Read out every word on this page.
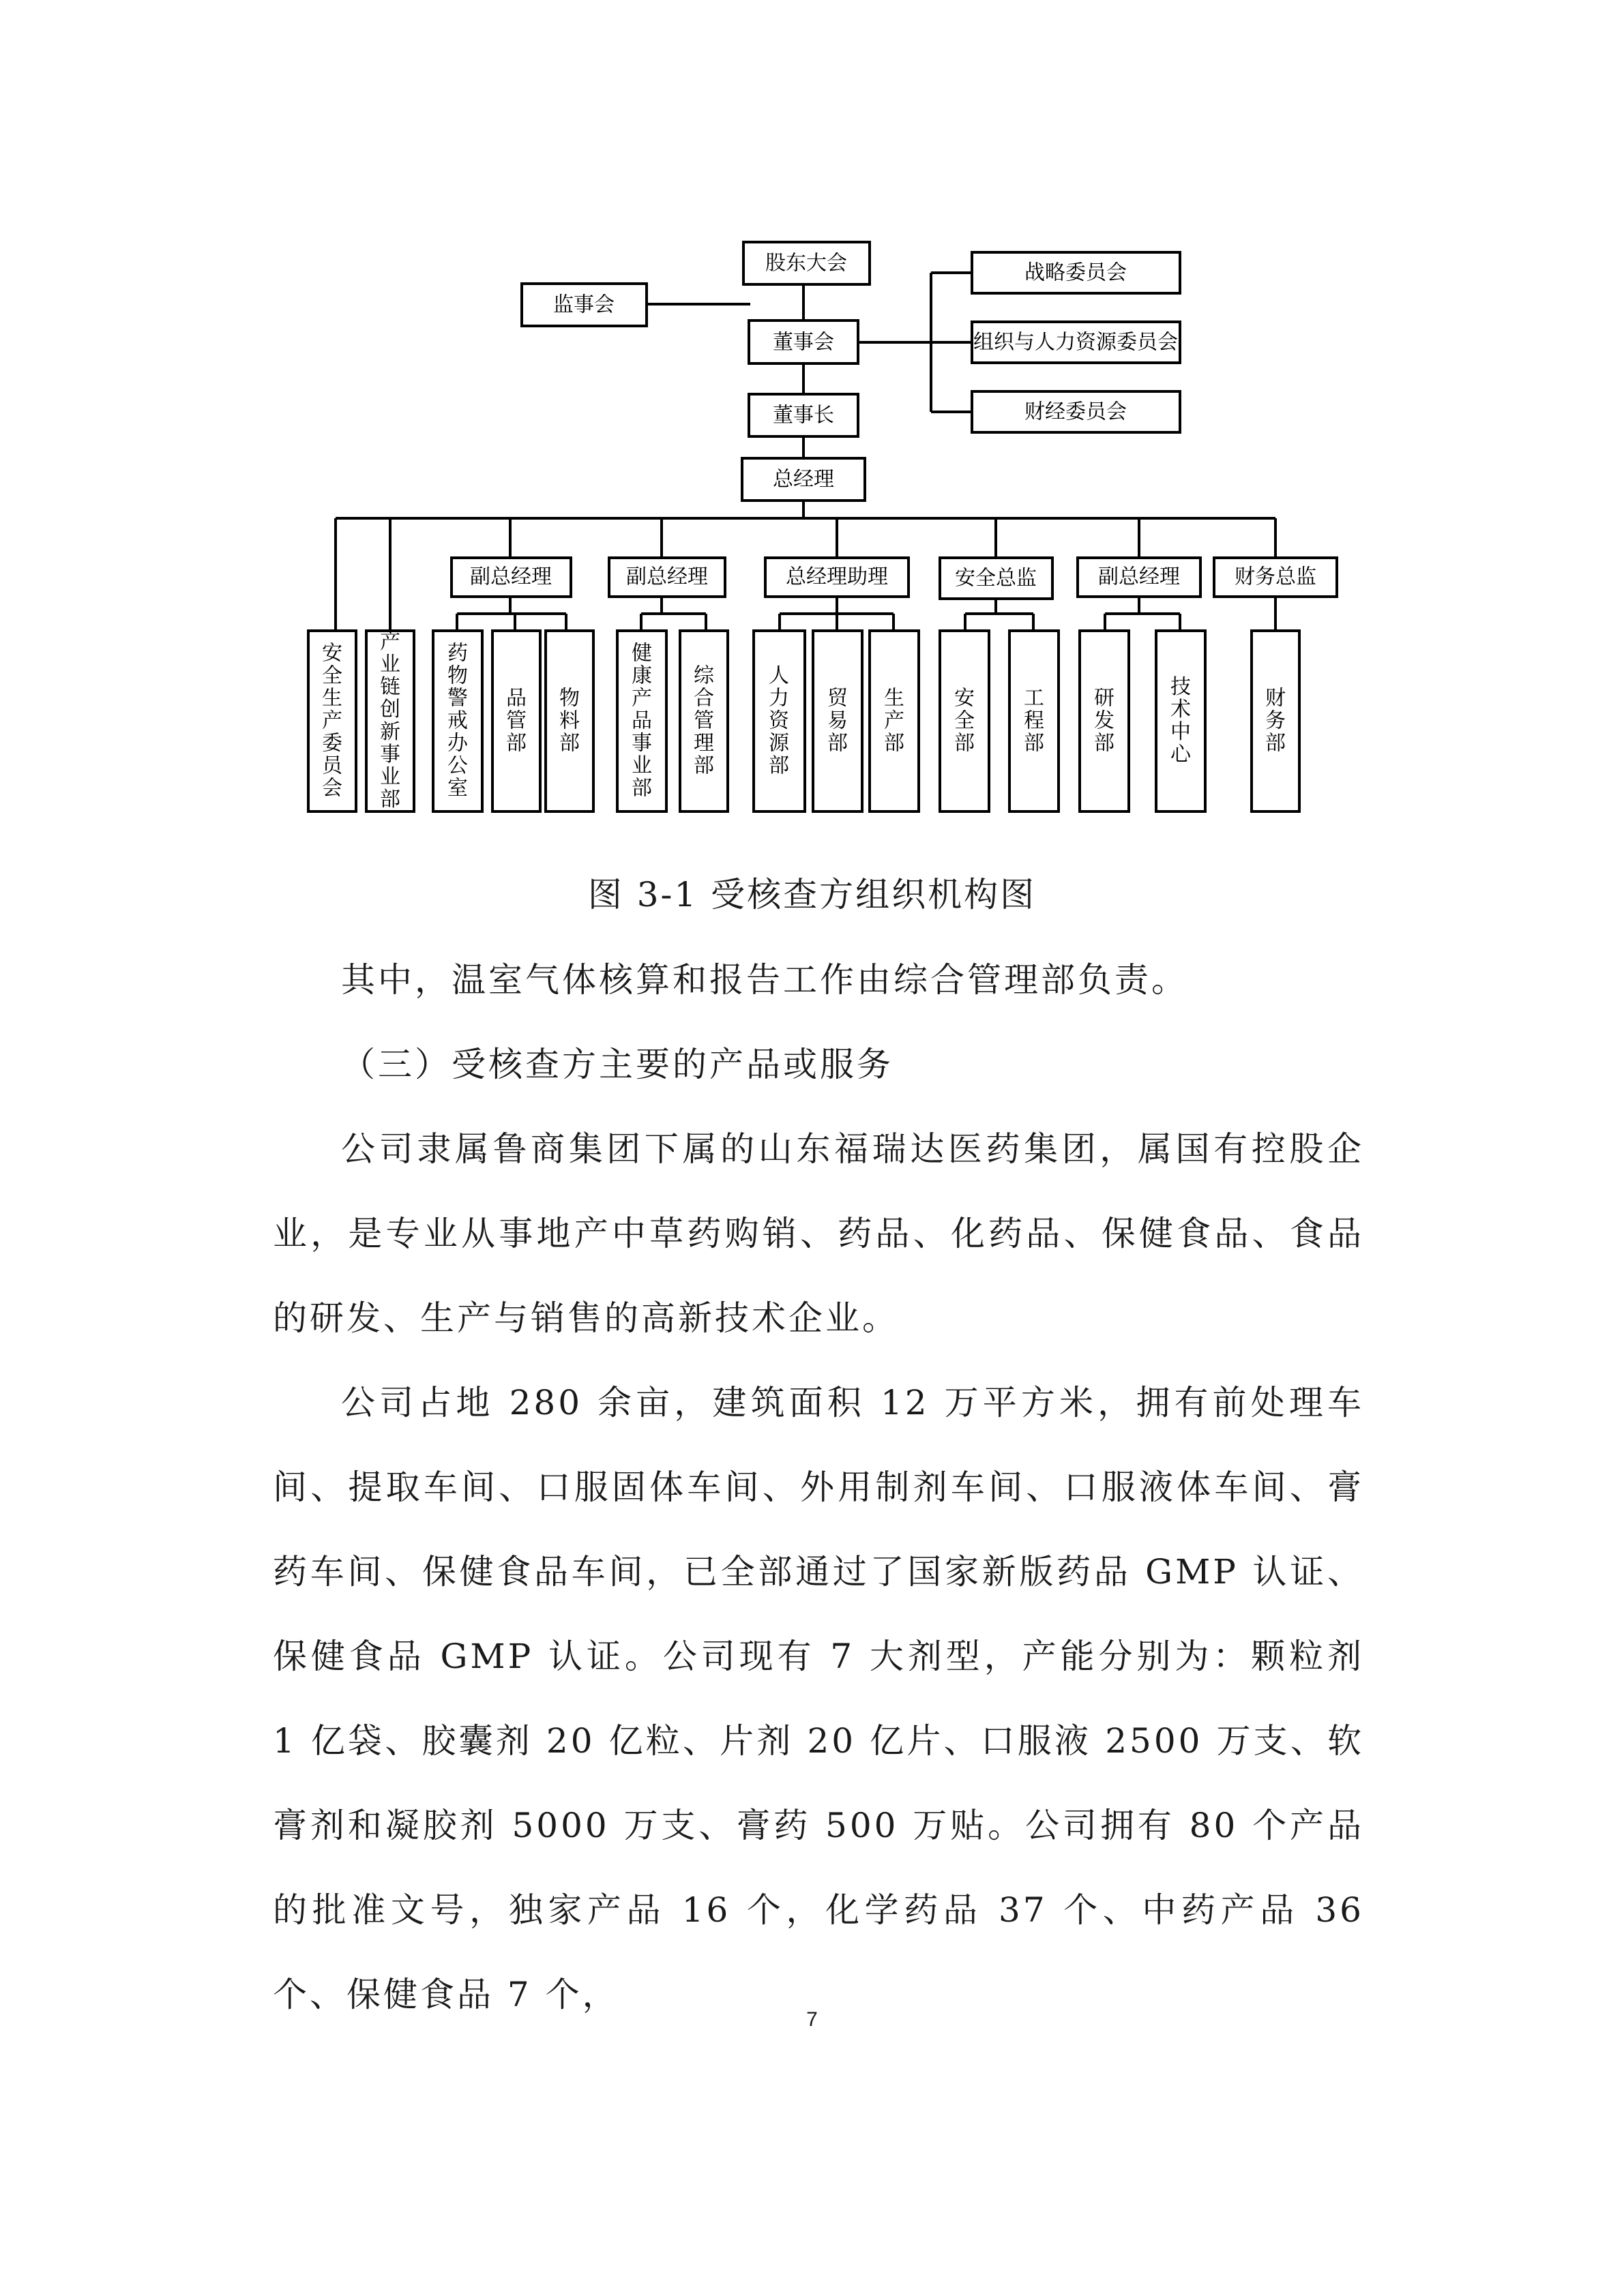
股东大会
监事会
董事会
战略委员会
组织与人力资源委员会
财经委员会
董事长
总经理
副总经理	副总经理	总经理助理	安全总监	副总经理	财务总监
安全生产委员会
产业链创新事业部
药物警戒办公室
品管部
物料部
健康产品事业部
综合管理部
人力资源部
贸易部
生产部
安全部
工程部
研发部
技术中心
财务部

图 3-1 受核查方组织机构图

其中，温室气体核算和报告工作由综合管理部负责。

（三）受核查方主要的产品或服务

公司隶属鲁商集团下属的山东福瑞达医药集团，属国有控股企业，是专业从事地产中草药购销、药品、化药品、保健食品、食品的研发、生产与销售的高新技术企业。

公司占地 280 余亩，建筑面积 12 万平方米，拥有前处理车间、提取车间、口服固体车间、外用制剂车间、口服液体车间、膏药车间、保健食品车间，已全部通过了国家新版药品 GMP 认证、保健食品 GMP 认证。公司现有 7 大剂型，产能分别为：颗粒剂 1 亿袋、胶囊剂 20 亿粒、片剂 20 亿片、口服液 2500 万支、软膏剂和凝胶剂 5000 万支、膏药 500 万贴。公司拥有 80 个产品的批准文号，独家产品 16 个，化学药品 37 个、中药产品 36 个、保健食品 7 个，

7
